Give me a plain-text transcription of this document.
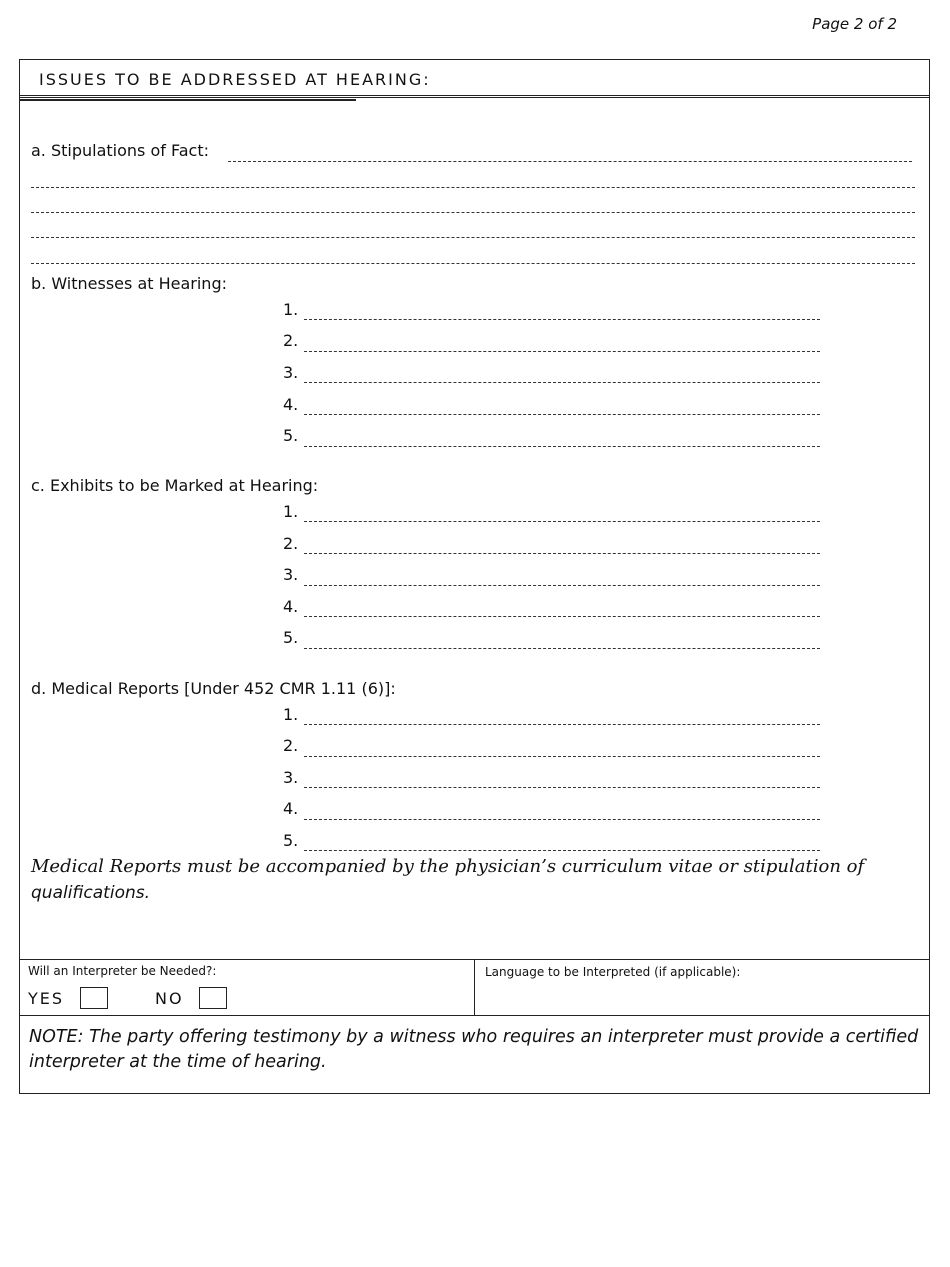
Page 2 of 2
ISSUES TO BE ADDRESSED AT HEARING:
a. Stipulations of Fact:
b. Witnesses at Hearing:
1.
2.
3.
4.
5.
c. Exhibits to be Marked at Hearing:
1.
2.
3.
4.
5.
d. Medical Reports [Under 452 CMR 1.11 (6)]:
1.
2.
3.
4.
5.
Medical Reports must be accompanied by the physician’s curriculum vitae or stipulation of
qualifications.
Will an Interpreter be Needed?:
YES	NO
Language to be Interpreted (if applicable):
NOTE: The party offering testimony by a witness who requires an interpreter must provide a certified interpreter at the time of hearing.
